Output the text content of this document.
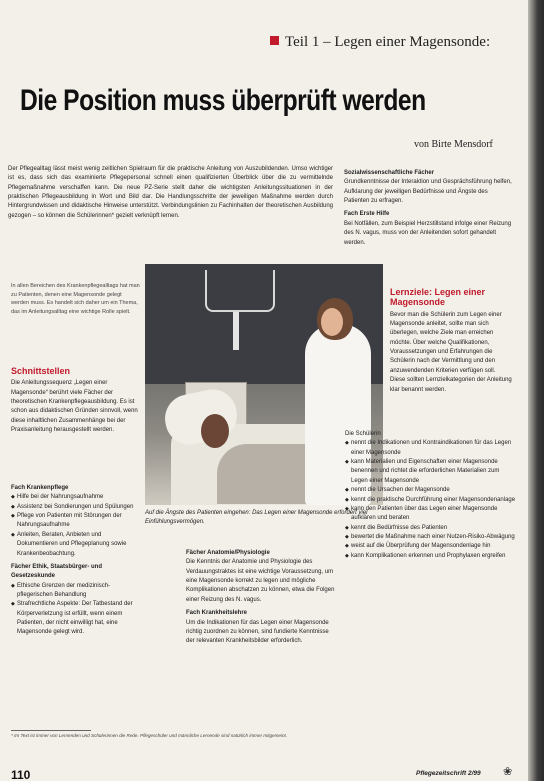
Teil 1 – Legen einer Magensonde:
Die Position muss überprüft werden
von Birte Mensdorf
Der Pflegealltag lässt meist wenig zeitlichen Spielraum für die praktische Anleitung von Auszubildenden. Umso wichtiger ist es, dass sich das examinierte Pflegepersonal schnell einen qualifizierten Überblick über die zu vermittelnde Pflegemaßnahme verschaffen kann. Die neue PZ-Serie stellt daher die wichtigsten Anleitungssituationen in der praktischen Pflegeausbildung in Wort und Bild dar. Die Handlungsschritte der jeweiligen Maßnahme werden durch Hintergrundwissen und didaktische Hinweise unterstützt. Verbindungslinien zu Fachinhalten der theoretischen Ausbildung gezogen – so können die Schülerinnen* gezielt verknüpft lernen.
Sozialwissenschaftliche Fächer

Grundkenntnisse der Interaktion und Gesprächsführung helfen, Aufklarung der jeweiligen Bedürfnisse und Ängste des Patienten zu erfragen.

Fach Erste Hilfe

Bei Notfällen, zum Beispiel Herzstillstand infolge einer Reizung des N. vagus, muss von der Anleitenden sofort gehandelt werden.

In allen Bereichen des Krankenpflegealltags hat man zu Patienten, denen eine Magensonde gelegt werden muss. Es handelt sich daher um ein Thema, das im Anleitungsalltag eine wichtige Rolle spielt.
Schnittstellen

Die Anleitungssequenz „Legen einer Magensonde“ berührt viele Fächer der theoretischen Krankenpflegeausbildung. Es ist schon aus didaktischen Gründen sinnvoll, wenn diese inhaltlichen Zusammenhänge bei der Praxisanleitung herausgestellt werden.

Auf die Ängste des Patienten eingehen: Das Legen einer Magensonde erfordert viel Einfühlungsvermögen.
Lernziele: Legen einer Magensonde

Bevor man die Schülerin zum Legen einer Magensonde anleitet, sollte man sich überlegen, welche Ziele man erreichen möchte. Über welche Qualifikationen, Voraussetzungen und Erfahrungen die Schülerin nach der Vermittlung und den anzuwendenden Kriterien verfügen soll. Diese sollten Lernzielkategorien der Anleitung klar benannt werden.

Fach Krankenpflege
◆ Hilfe bei der Nahrungsaufnahme
◆ Assistenz bei Sondierungen und Spülungen
◆ Pflege von Patienten mit Störungen der Nahrungsaufnahme
◆ Anleiten, Beraten, Anbieten und Dokumentieren und Pflegeplanung sowie Krankenbeobachtung.
Fächer Ethik, Staatsbürger- und Gesetzeskunde
◆ Ethische Grenzen der medizinisch-pflegerischen Behandlung
◆ Strafrechtliche Aspekte: Der Tatbestand der Körperverletzung ist erfüllt, wenn einem Patienten, der nicht einwilligt hat, eine Magensonde gelegt wird.
Fächer Anatomie/Physiologie

Die Kenntnis der Anatomie und Physiologie des Verdauungstraktes ist eine wichtige Voraussetzung, um eine Magensonde korrekt zu legen und mögliche Komplikationen abschatzen zu können, etwa die Folgen einer Reizung des N. vagus.

Fach Krankheitslehre

Um die Indikationen für das Legen einer Magensonde richtig zuordnen zu können, sind fundierte Kenntnisse der relevanten Krankheitsbilder erforderlich.

Die Schülerin

◆ nennt die Indikationen und Kontraindikationen für das Legen einer Magensonde
◆ kann Materialien und Eigenschaften einer Magensonde benennen und richtet die erforderlichen Materialien zum Legen einer Magensonde
◆ nennt die Ursachen der Magensonde
◆ kennt die praktische Durchführung einer Magensondenanlage
◆ kann den Patienten über das Legen einer Magensonde aufklären und beraten
◆ kennt die Bedürfnisse des Patienten
◆ bewertet die Maßnahme nach einer Nutzen-Risiko-Abwägung
◆ weist auf die Überprüfung der Magensondenlage hin
◆ kann Komplikationen erkennen und Prophylaxen ergreifen
* Im Text ist immer von Lernenden und Schülerinnen die Rede. Pflegeschüler und männliche Lernende sind natürlich immer mitgemeint.
110	Pflegezeitschrift 2/99 ❀
